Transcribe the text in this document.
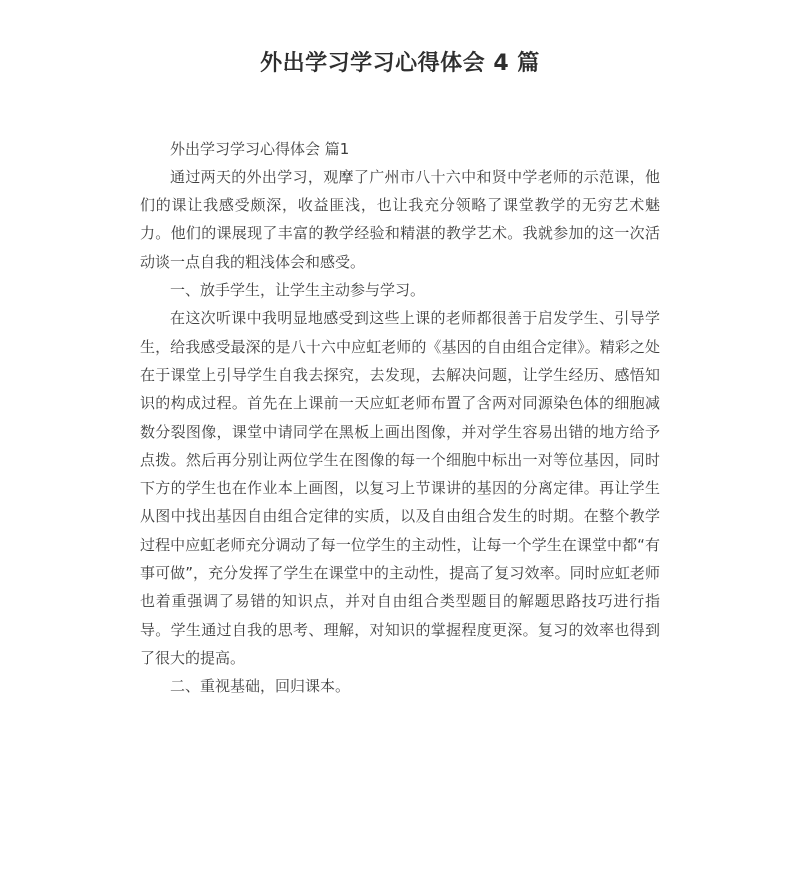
外出学习学习心得体会 4 篇

外出学习学习心得体会 篇1

通过两天的外出学习，观摩了广州市八十六中和贤中学老师的示范课，他们的课让我感受颇深，收益匪浅，也让我充分领略了课堂教学的无穷艺术魅力。他们的课展现了丰富的教学经验和精湛的教学艺术。我就参加的这一次活动谈一点自我的粗浅体会和感受。

一、放手学生，让学生主动参与学习。

在这次听课中我明显地感受到这些上课的老师都很善于启发学生、引导学生，给我感受最深的是八十六中应虹老师的《基因的自由组合定律》。精彩之处在于课堂上引导学生自我去探究，去发现，去解决问题，让学生经历、感悟知识的构成过程。首先在上课前一天应虹老师布置了含两对同源染色体的细胞减数分裂图像，课堂中请同学在黑板上画出图像，并对学生容易出错的地方给予点拨。然后再分别让两位学生在图像的每一个细胞中标出一对等位基因，同时下方的学生也在作业本上画图，以复习上节课讲的基因的分离定律。再让学生从图中找出基因自由组合定律的实质，以及自由组合发生的时期。在整个教学过程中应虹老师充分调动了每一位学生的主动性，让每一个学生在课堂中都“有事可做”，充分发挥了学生在课堂中的主动性，提高了复习效率。同时应虹老师也着重强调了易错的知识点，并对自由组合类型题目的解题思路技巧进行指导。学生通过自我的思考、理解，对知识的掌握程度更深。复习的效率也得到了很大的提高。

二、重视基础，回归课本。
